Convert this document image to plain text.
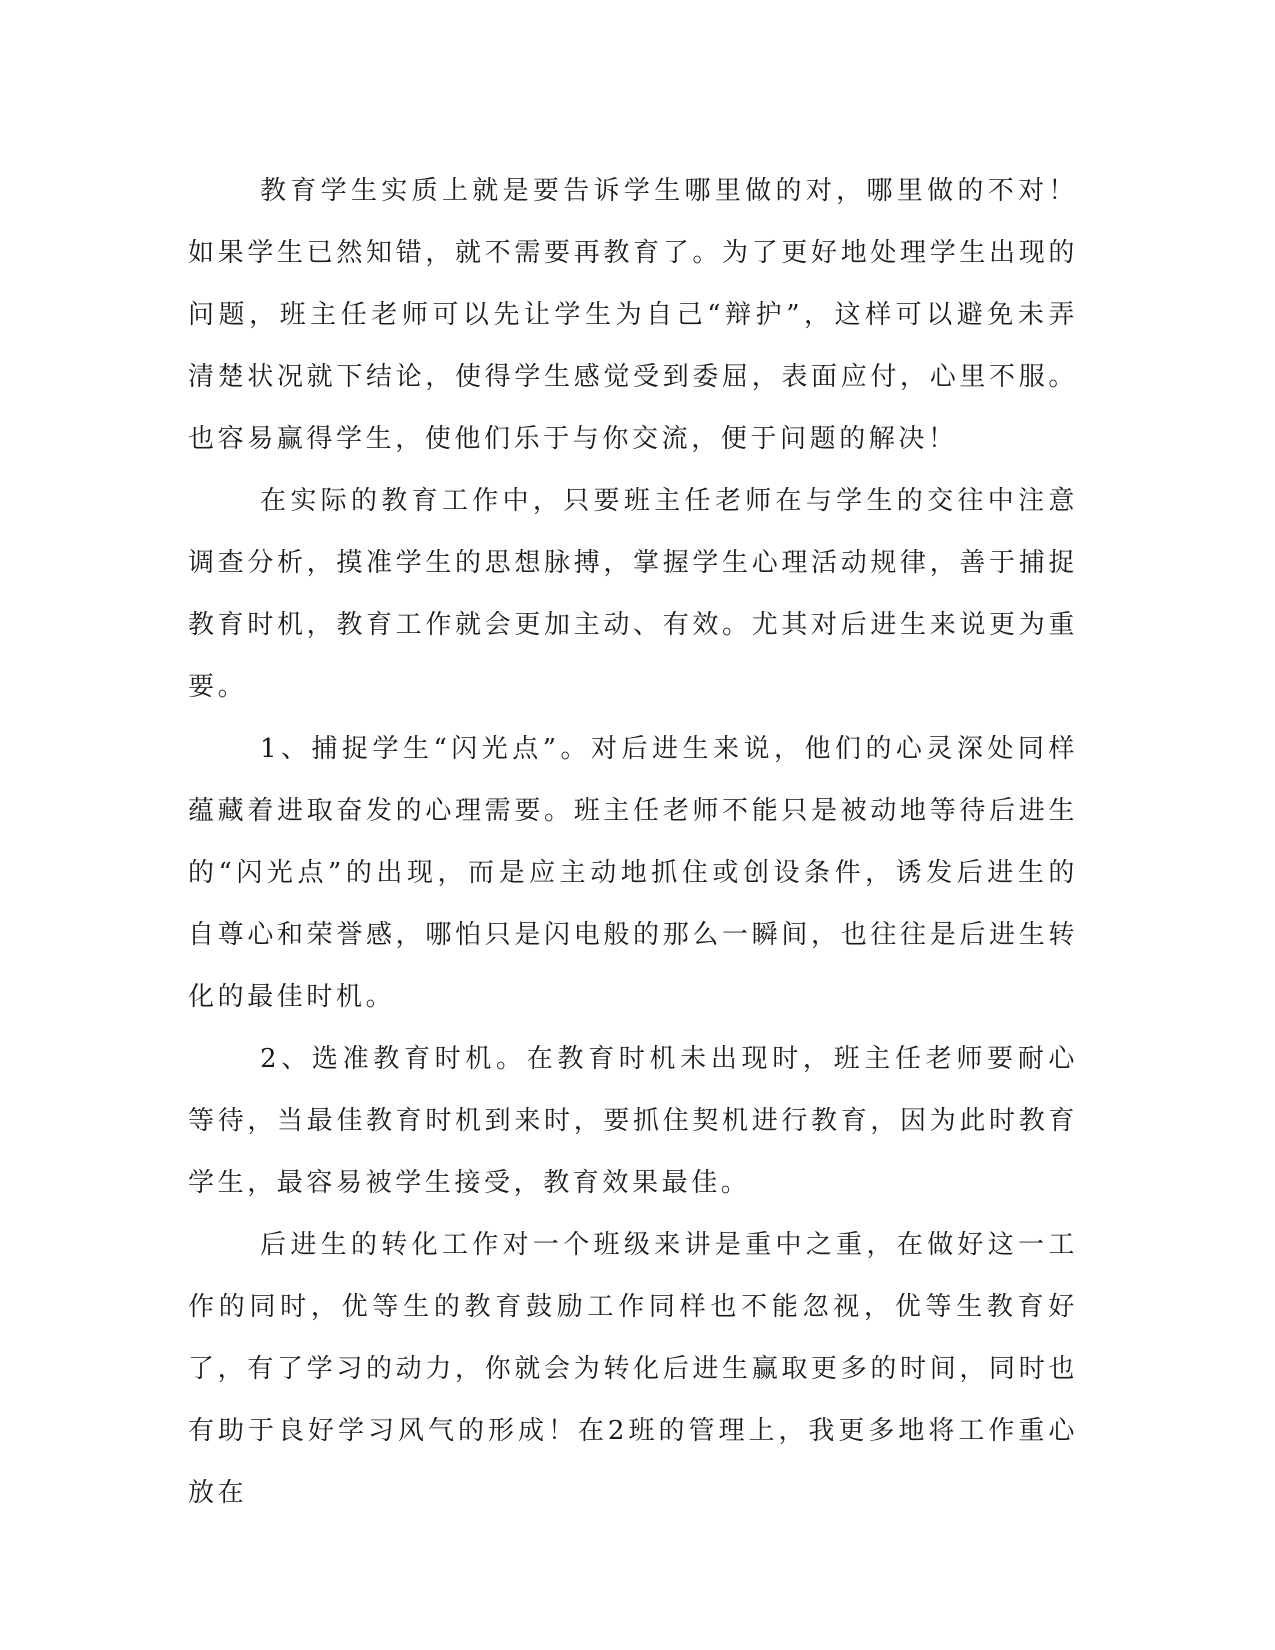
教育学生实质上就是要告诉学生哪里做的对，哪里做的不对！如果学生已然知错，就不需要再教育了。为了更好地处理学生出现的问题，班主任老师可以先让学生为自己“辩护”，这样可以避免未弄清楚状况就下结论，使得学生感觉受到委屈，表面应付，心里不服。也容易赢得学生，使他们乐于与你交流，便于问题的解决！

在实际的教育工作中，只要班主任老师在与学生的交往中注意调查分析，摸准学生的思想脉搏，掌握学生心理活动规律，善于捕捉教育时机，教育工作就会更加主动、有效。尤其对后进生来说更为重要。

1、捕捉学生“闪光点”。对后进生来说，他们的心灵深处同样蕴藏着进取奋发的心理需要。班主任老师不能只是被动地等待后进生的“闪光点”的出现，而是应主动地抓住或创设条件，诱发后进生的自尊心和荣誉感，哪怕只是闪电般的那么一瞬间，也往往是后进生转化的最佳时机。

2、选准教育时机。在教育时机未出现时，班主任老师要耐心等待，当最佳教育时机到来时，要抓住契机进行教育，因为此时教育学生，最容易被学生接受，教育效果最佳。

后进生的转化工作对一个班级来讲是重中之重，在做好这一工作的同时，优等生的教育鼓励工作同样也不能忽视，优等生教育好了，有了学习的动力，你就会为转化后进生赢取更多的时间，同时也有助于良好学习风气的形成！在2班的管理上，我更多地将工作重心放在
